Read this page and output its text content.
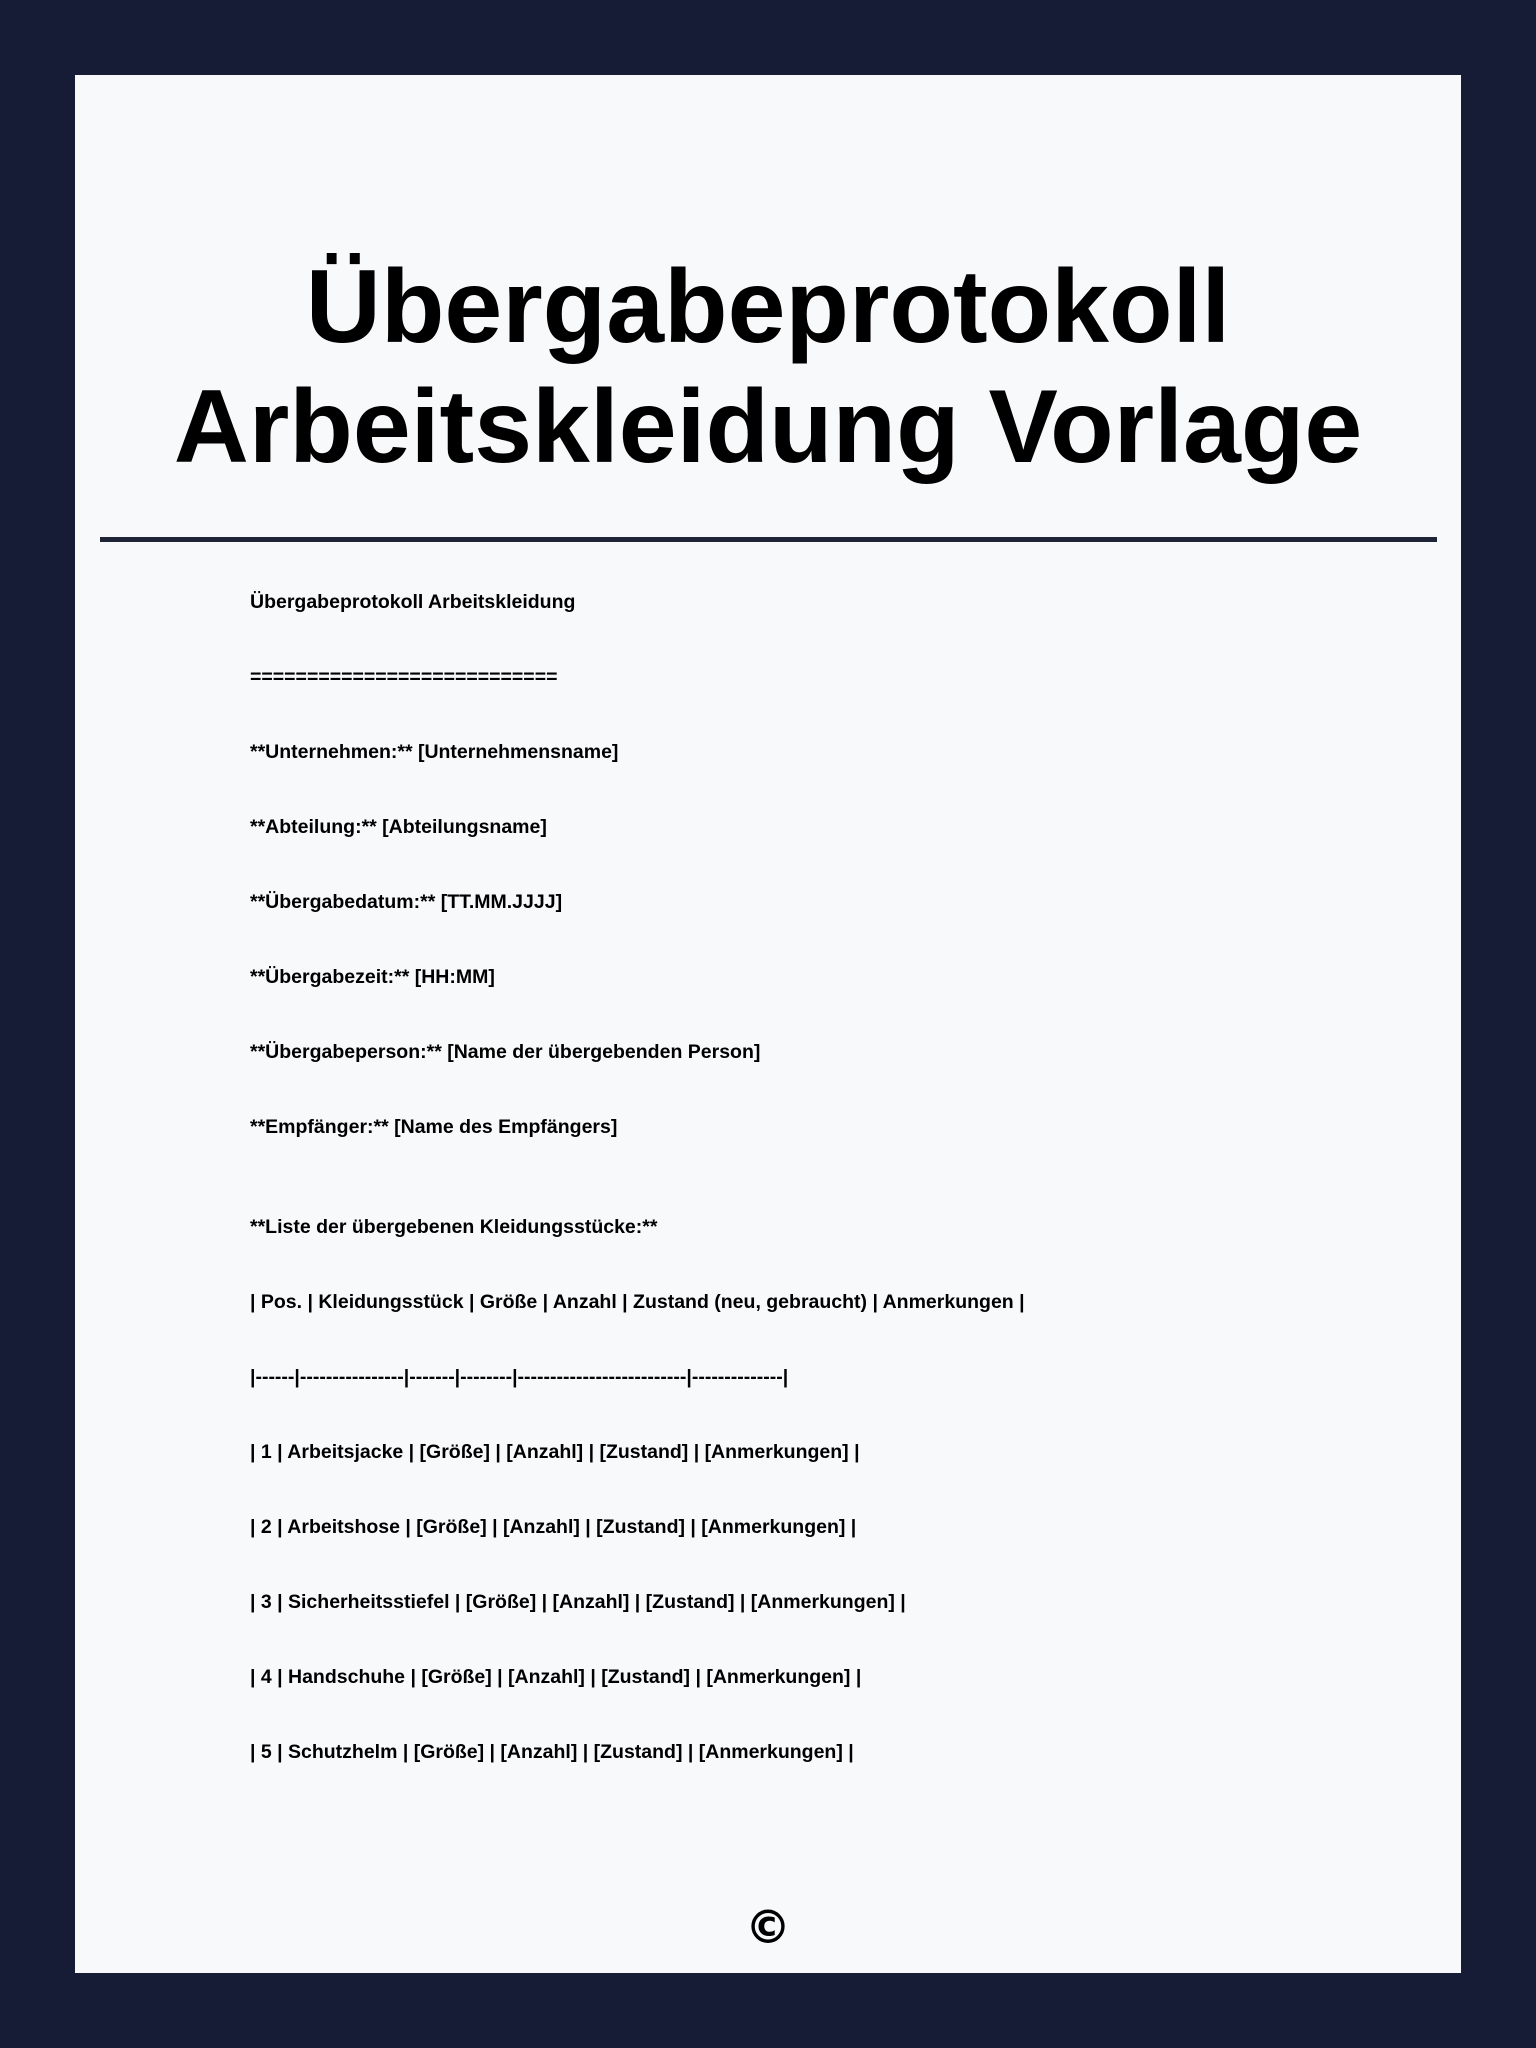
Übergabeprotokoll
Arbeitskleidung Vorlage
Übergabeprotokoll Arbeitskleidung
===========================
**Unternehmen:** [Unternehmensname]
**Abteilung:** [Abteilungsname]
**Übergabedatum:** [TT.MM.JJJJ]
**Übergabezeit:** [HH:MM]
**Übergabeperson:** [Name der übergebenden Person]
**Empfänger:** [Name des Empfängers]
**Liste der übergebenen Kleidungsstücke:**
| Pos. | Kleidungsstück | Größe | Anzahl | Zustand (neu, gebraucht) | Anmerkungen |
|------|----------------|-------|--------|--------------------------|--------------|
| 1 | Arbeitsjacke | [Größe] | [Anzahl] | [Zustand] | [Anmerkungen] |
| 2 | Arbeitshose | [Größe] | [Anzahl] | [Zustand] | [Anmerkungen] |
| 3 | Sicherheitsstiefel | [Größe] | [Anzahl] | [Zustand] | [Anmerkungen] |
| 4 | Handschuhe | [Größe] | [Anzahl] | [Zustand] | [Anmerkungen] |
| 5 | Schutzhelm | [Größe] | [Anzahl] | [Zustand] | [Anmerkungen] |
©
